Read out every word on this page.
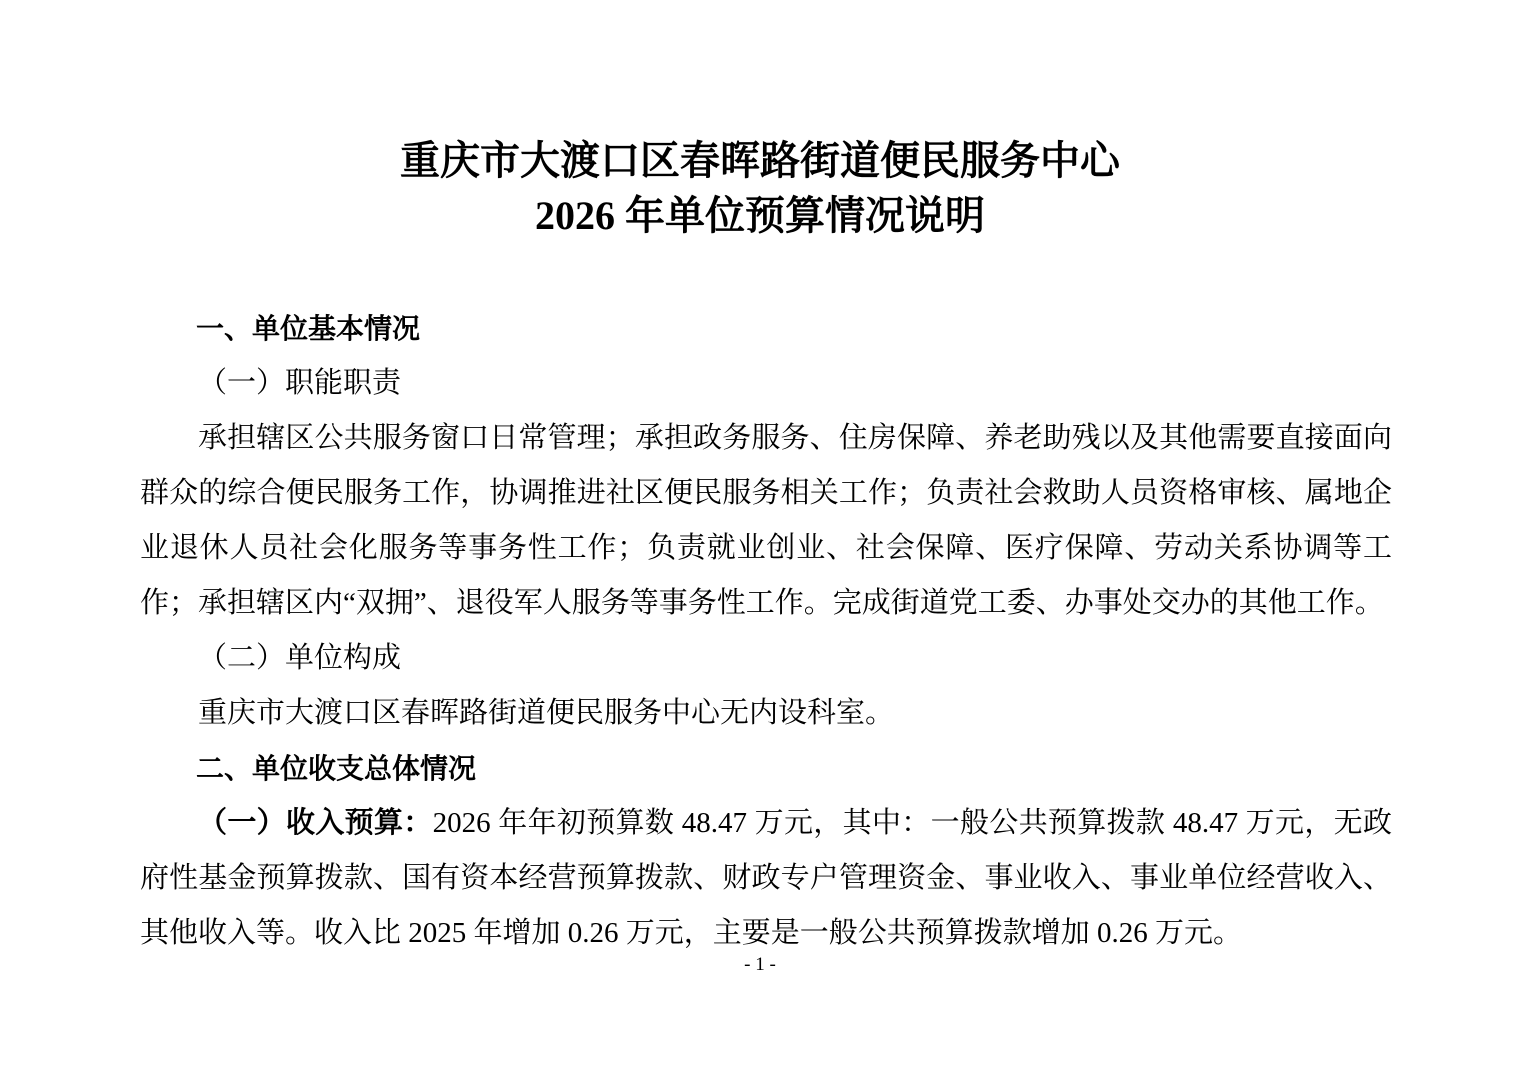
重庆市大渡口区春晖路街道便民服务中心
2026 年单位预算情况说明
一、单位基本情况
（一）职能职责

承担辖区公共服务窗口日常管理；承担政务服务、住房保障、养老助残以及其他需要直接面向群众的综合便民服务工作，协调推进社区便民服务相关工作；负责社会救助人员资格审核、属地企业退休人员社会化服务等事务性工作；负责就业创业、社会保障、医疗保障、劳动关系协调等工作；承担辖区内“双拥”、退役军人服务等事务性工作。完成街道党工委、办事处交办的其他工作。

（二）单位构成

重庆市大渡口区春晖路街道便民服务中心无内设科室。

二、单位收支总体情况

（一）收入预算：2026 年年初预算数 48.47 万元，其中：一般公共预算拨款 48.47 万元，无政府性基金预算拨款、国有资本经营预算拨款、财政专户管理资金、事业收入、事业单位经营收入、其他收入等。收入比 2025 年增加 0.26 万元，主要是一般公共预算拨款增加 0.26 万元。

- 1 -
